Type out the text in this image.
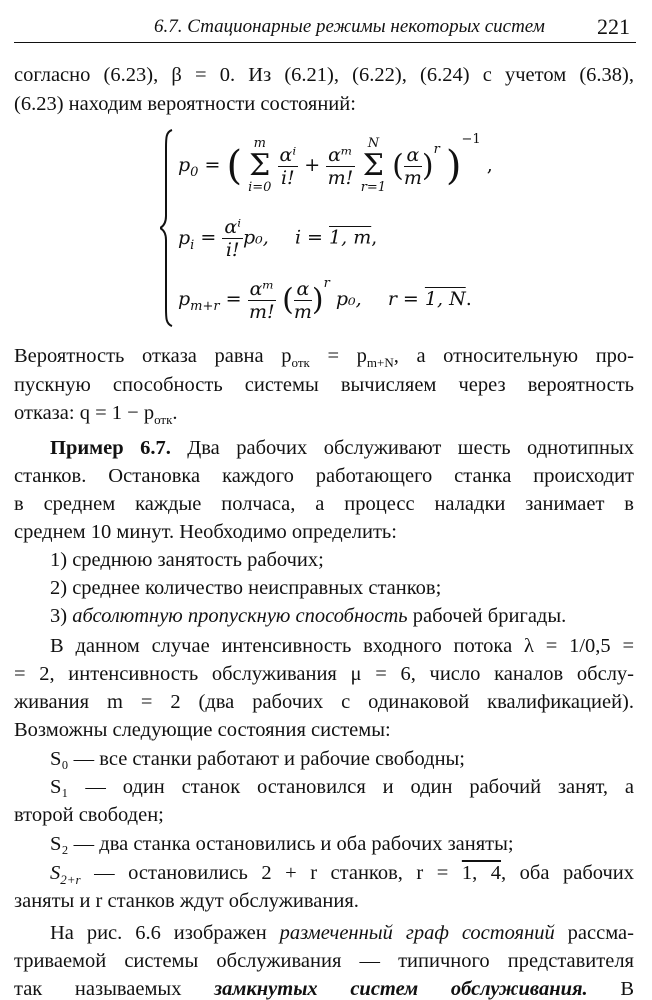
6.7. Стационарные режимы некоторых систем 221
согласно (6.23), β = 0. Из (6.21), (6.22), (6.24) с учетом (6.38),
(6.23) находим вероятности состояний:
$p_0$ = ( m
Σ
$i=0 \frac{\text{αⁱ}}{i!} + \frac{\text{αᵐ}}{m!}$ N
Σ
r=1 ( $\frac{\alpha}{m} )^r$ )$^{-1}$ ,
$p_i = \frac{\text{αⁱ}}{i!} p_0$, i = 1, m,
$p_{m+r} = \frac{\text{αᵐ}}{m!}$ ( $\frac{\alpha}{m} )^r$ p₀, r = 1, N.
Вероятность отказа равна $p_{отк} = p_{m+N}$, а относительную про-
пускную способность системы вычисляем через вероятность
отказа: $q = 1 - p_{отк}$.
Пример 6.7. Два рабочих обслуживают шесть однотипных
станков. Остановка каждого работающего станка происходит
в среднем каждые полчаса, а процесс наладки занимает в
среднем 10 минут. Необходимо определить:
1) среднюю занятость рабочих;
2) среднее количество неисправных станков;
3) абсолютную пропускную способность рабочей бригады.
В данном случае интенсивность входного потока λ = 1/0,5 =
= 2, интенсивность обслуживания μ = 6, число каналов обслу-
живания m = 2 (два рабочих с одинаковой квалификацией).
Возможны следующие состояния системы:
S₀ — все станки работают и рабочие свободны;
S₁ — один станок остановился и один рабочий занят, а
второй свободен;
S₂ — два станка остановились и оба рабочих заняты;
$S_{2+r}$ — остановились 2 + r станков, r = 1, 4, оба рабочих
заняты и r станков ждут обслуживания.
На рис. 6.6 изображен размеченный граф состояний рассма-
триваемой системы обслуживания — типичного представителя
так называемых замкнутых систем обслуживания. В
